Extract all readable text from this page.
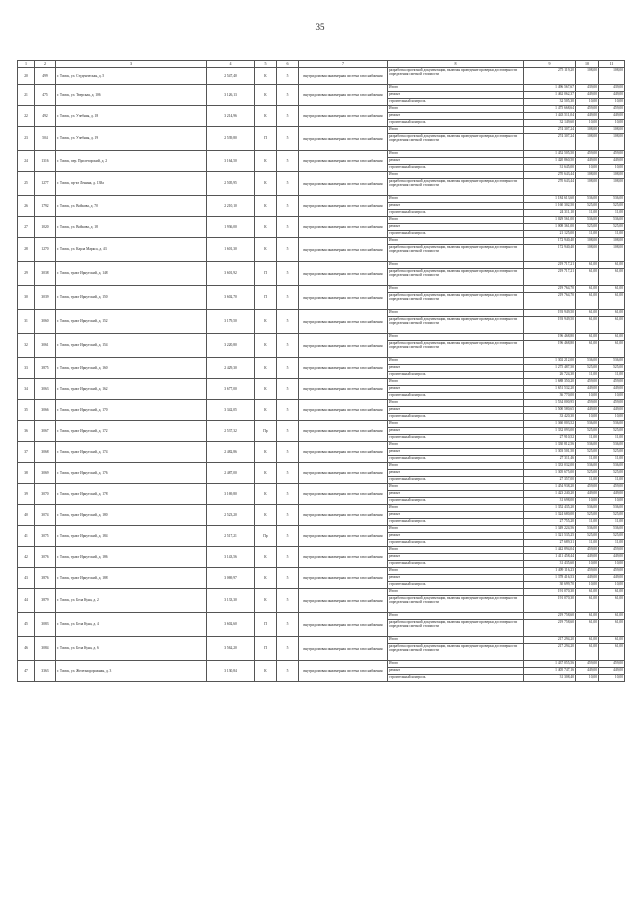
35
1	2	3	4	5	6	7	8	9	10	11
20	499	г. Томск, ул. Студенческая, д. 5	2 547,40	К	5	внутридомовая инженерная система газоснабжения	разработка проектной документации, включая проведение проверки достоверности определения сметной стоимости	275 119,20	108,00	108,00
21	475	г. Томск, ул. Тверская, д. 106	3 126,13	К	5	внутридомовая инженерная система газоснабжения	Итого	1 496 567,67	439,00	439,00
							ремонт	1 462 062,37	449,00	449,00
							строительный контроль	32 505,30	10,00	10,00
22	492	г. Томск, ул. Учебная, д. 18	3 214,96	К	5	внутридомовая инженерная система газоснабжения	Итого	1 475 668,64	459,00	459,00
							ремонт	1 443 511,04	449,00	449,00
							строительный контроль	32 149,60	10,00	10,00
23	504	г. Томск, ул. Учебная, д. 19	2 539,80	П	5	внутридомовая инженерная система газоснабжения	Итого	274 307,24	108,00	108,00
							разработка проектной документации, включая проведение проверки достоверности определения сметной стоимости	274 307,24	108,00	108,00
24	1316	г. Томск, пер. Пролетарский, д. 2	3 164,50	К	5	внутридомовая инженерная система газоснабжения	Итого	1 452 505,50	459,00	459,00
							ремонт	1 420 860,50	449,00	449,00
							строительный контроль	31 645,00	10,00	10,00
25	1277	г. Томск, пр-кт Ленина, д. 138а	2 505,95	К	5	внутридомовая инженерная система газоснабжения	Итого	270 643,44	108,00	108,00
							разработка проектной документации, включая проведение проверки достоверности определения сметной стоимости	270 643,44	108,00	108,00
26	1792	г. Томск, ул. Войкова, д. 70	2 210,10	К	5	внутридомовая инженерная система газоснабжения	Итого	1 184 613,60	536,00	536,00
							ремонт	1 160 302,50	525,00	525,00
							строительный контроль	24 311,10	11,00	11,00
27	1020	г. Томск, ул. Войкова, д. 18	1 936,00	К	5	внутридомовая инженерная система газоснабжения	Итого	1 029 561,00	536,00	536,00
							ремонт	1 008 361,00	525,00	525,00
							строительный контроль	21 125,00	11,00	11,00
28	1270	г. Томск, ул. Карла Маркса, д. 43	1 601,30	К	5	внутридомовая инженерная система газоснабжения	Итого	172 940,40	108,00	108,00
							разработка проектной документации, включая проведение проверки достоверности определения сметной стоимости	172 940,40	108,00	108,00
29	3038	г. Томск, тракт Иркутский, д. 148	3 601,92	П	5	внутридомовая инженерная система газоснабжения	Итого	219 717,21	61,00	61,00
							разработка проектной документации, включая проведение проверки достоверности определения сметной стоимости	219 717,21	61,00	61,00
30	3039	г. Томск, тракт Иркутский, д. 150	3 602,70	П	5	внутридомовая инженерная система газоснабжения	Итого	219 764,70	61,00	61,00
							разработка проектной документации, включая проведение проверки достоверности определения сметной стоимости	219 764,70	61,00	61,00
31	3060	г. Томск, тракт Иркутский, д. 152	3 179,50	К	5	внутридомовая инженерная система газоснабжения	Итого	193 949,50	61,00	61,00
							разработка проектной документации, включая проведение проверки достоверности определения сметной стоимости	193 949,50	61,00	61,00
32	3061	г. Томск, тракт Иркутский, д. 154	3 220,80	К	5	внутридомовая инженерная система газоснабжения	Итого	196 468,80	61,00	61,00
							разработка проектной документации, включая проведение проверки достоверности определения сметной стоимости	196 468,80	61,00	61,00
33	3875	г. Томск, тракт Иркутский, д. 160	2 429,30	К	5	внутридомовая инженерная система газоснабжения	Итого	1 302 212,00	536,00	536,00
							ремонт	1 275 487,50	525,00	525,00
							строительный контроль	26 724,30	11,00	11,00
34	3063	г. Томск, тракт Иркутский, д. 162	3 677,00	К	5	внутридомовая инженерная система газоснабжения	Итого	1 688 350,20	459,00	459,00
							ремонт	1 651 532,20	449,00	449,00
							строительный контроль	36 770,00	10,00	10,00
35	3066	г. Томск, тракт Иркутский, д. 170	3 342,05	К	5	внутридомовая инженерная система газоснабжения	Итого	1 534 000,95	459,00	459,00
							ремонт	1 500 580,65	449,00	449,00
							строительный контроль	33 420,30	10,00	10,00
36	3067	г. Томск, тракт Иркутский, д. 172	2 537,32	Пр	5	внутридомовая инженерная система газоснабжения	Итого	1 360 003,52	536,00	536,00
							ремонт	1 332 093,00	525,00	525,00
							строительный контроль	27 910,52	11,00	11,00
37	3068	г. Томск, тракт Иркутский, д. 174	2 482,86	К	5	внутридомовая инженерная система газоснабжения	Итого	1 330 812,56	536,00	536,00
							ремонт	1 303 501,50	525,00	525,00
							строительный контроль	27 311,46	11,00	11,00
38	3069	г. Томск, тракт Иркутский, д. 176	2 487,00	К	5	внутридомовая инженерная система газоснабжения	Итого	1 333 032,00	536,00	536,00
							ремонт	1 305 675,00	525,00	525,00
							строительный контроль	27 357,00	11,00	11,00
39	3070	г. Томск, тракт Иркутский, д. 178	3 169,80	К	5	внутридомовая инженерная система газоснабжения	Итого	1 454 938,20	459,00	459,00
							ремонт	1 423 240,20	449,00	449,00
							строительный контроль	31 698,00	10,00	10,00
40	3074	г. Томск, тракт Иркутский, д. 180	2 523,20	К	5	внутридомовая инженерная система газоснабжения	Итого	1 352 435,20	536,00	536,00
							ремонт	1 324 680,00	525,00	525,00
							строительный контроль	27 755,20	11,00	11,00
41	3075	г. Томск, тракт Иркутский, д. 184	2 517,21	Пр	5	внутридомовая инженерная система газоснабжения	Итого	1 349 224,56	536,00	536,00
							ремонт	1 321 535,25	525,00	525,00
							строительный контроль	27 689,31	11,00	11,00
42	3076	г. Томск, тракт Иркутский, д. 186	3 143,56	К	5	внутридомовая инженерная система газоснабжения	Итого	1 442 894,04	459,00	459,00
							ремонт	1 411 458,44	449,00	449,00
							строительный контроль	31 435,60	10,00	10,00
43	3876	г. Томск, тракт Иркутский, д. 188	3 069,97	К	5	внутридомовая инженерная система газоснабжения	Итого	1 409 116,23	459,00	459,00
							ремонт	1 378 416,53	449,00	449,00
							строительный контроль	30 699,70	10,00	10,00
44	3879	г. Томск, ул. Бела Куна, д. 2	3 133,30	К	5	внутридомовая инженерная система газоснабжения	Итого	191 070,30	61,00	61,00
							разработка проектной документации, включая проведение проверки достоверности определения сметной стоимости	191 070,30	61,00	61,00
45	3083	г. Томск, ул. Бела Куна, д. 4	3 602,60	П	5	внутридомовая инженерная система газоснабжения	Итого	219 758,60	61,00	61,00
							разработка проектной документации, включая проведение проверки достоверности определения сметной стоимости	219 758,60	61,00	61,00
46	3084	г. Томск, ул. Бела Куна, д. 6	3 562,20	П	5	внутридомовая инженерная система газоснабжения	Итого	217 294,20	61,00	61,00
							разработка проектной документации, включая проведение проверки достоверности определения сметной стоимости	217 294,20	61,00	61,00
47	3363	г. Томск, ул. Железнодорожная, д. 3	3 130,84	К	5	внутридомовая инженерная система газоснабжения	Итого	1 437 055,56	459,00	459,00
							ремонт	1 405 747,16	449,00	449,00
							строительный контроль	31 308,40	10,00	10,00
